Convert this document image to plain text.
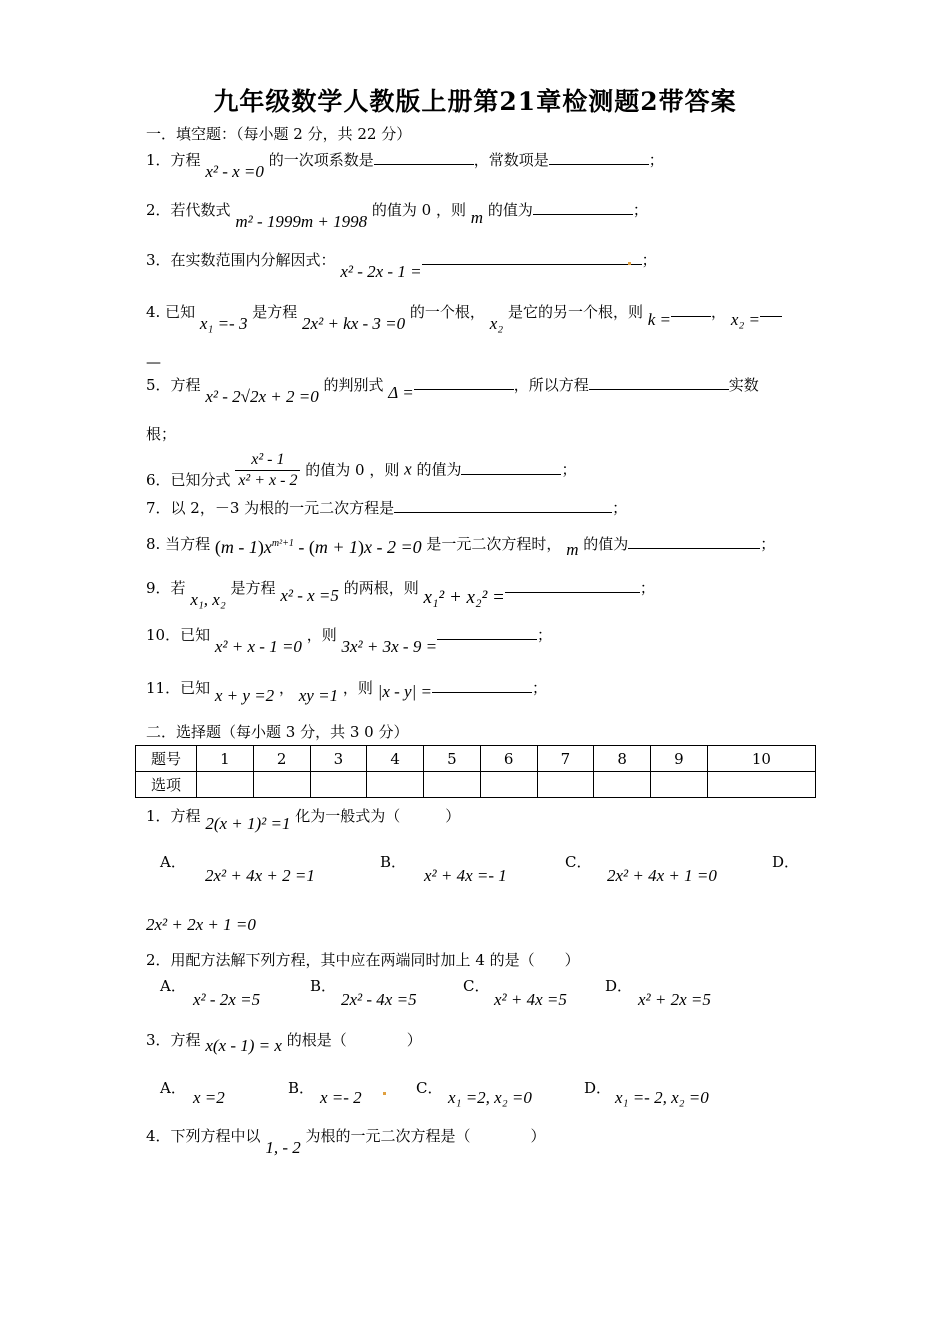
九年级数学人教版上册第21章检测题2带答案
一．填空题：（每小题 2 分，共 22 分）
1．方程 x² - x =0 的一次项系数是	，常数项是	；
2．若代数式 m² - 1999m + 1998 的值为 0 ，则 m 的值为	；
3．在实数范围内分解因式： x² - 2x - 1 =；
4. 已知 x₁ =- 3 是方程 2x² + kx - 3 =0 的一个根， x₂ 是它的另一个根，则 k =	， x₂ =
—
5．方程 x² - 2√2x + 2 =0 的判别式 Δ =	，所以方程	实数
根；
6．已知分式 $\frac{\text{x² - 1}}{\text{x² + x - 2}}$ 的值为 0 ，则 x 的值为	；
7．以 2，－3 为根的一元二次方程是	；
8. 当方程 $(m - 1)x^{m^2+1} - (m + 1)x - 2 =0$ 是一元二次方程时， m 的值为	；
9．若 x₁, x₂ 是方程 x² - x =5 的两根，则 x₁² + x₂² =	；
10．已知 x² + x - 1 =0 ，则 3x² + 3x - 9 =；
11．已知 x + y =2 ， xy =1 ，则 |x - y| =	；
二．选择题（每小题 3 分，共 3 0 分）
题号	1	2	3	4	5	6	7	8	9	10
选项										
1．方程 2(x + 1)² =1 化为一般式为（　　　）
A．
2x² + 4x + 2 =1
B．
x² + 4x =- 1
C．
2x² + 4x + 1 =0
D．
2x² + 2x + 1 =0
2．用配方法解下列方程，其中应在两端同时加上 4 的是（　　）
A．
x² - 2x =5
B．
2x² - 4x =5
C．
x² + 4x =5
D．
x² + 2x =5
3．方程 x(x - 1) = x 的根是（　　　　）
A． x =2	B． x =- 2	C． x₁ =2, x₂ =0	D． x₁ =- 2, x₂ =0
4．下列方程中以 1, - 2 为根的一元二次方程是（　　　　）
